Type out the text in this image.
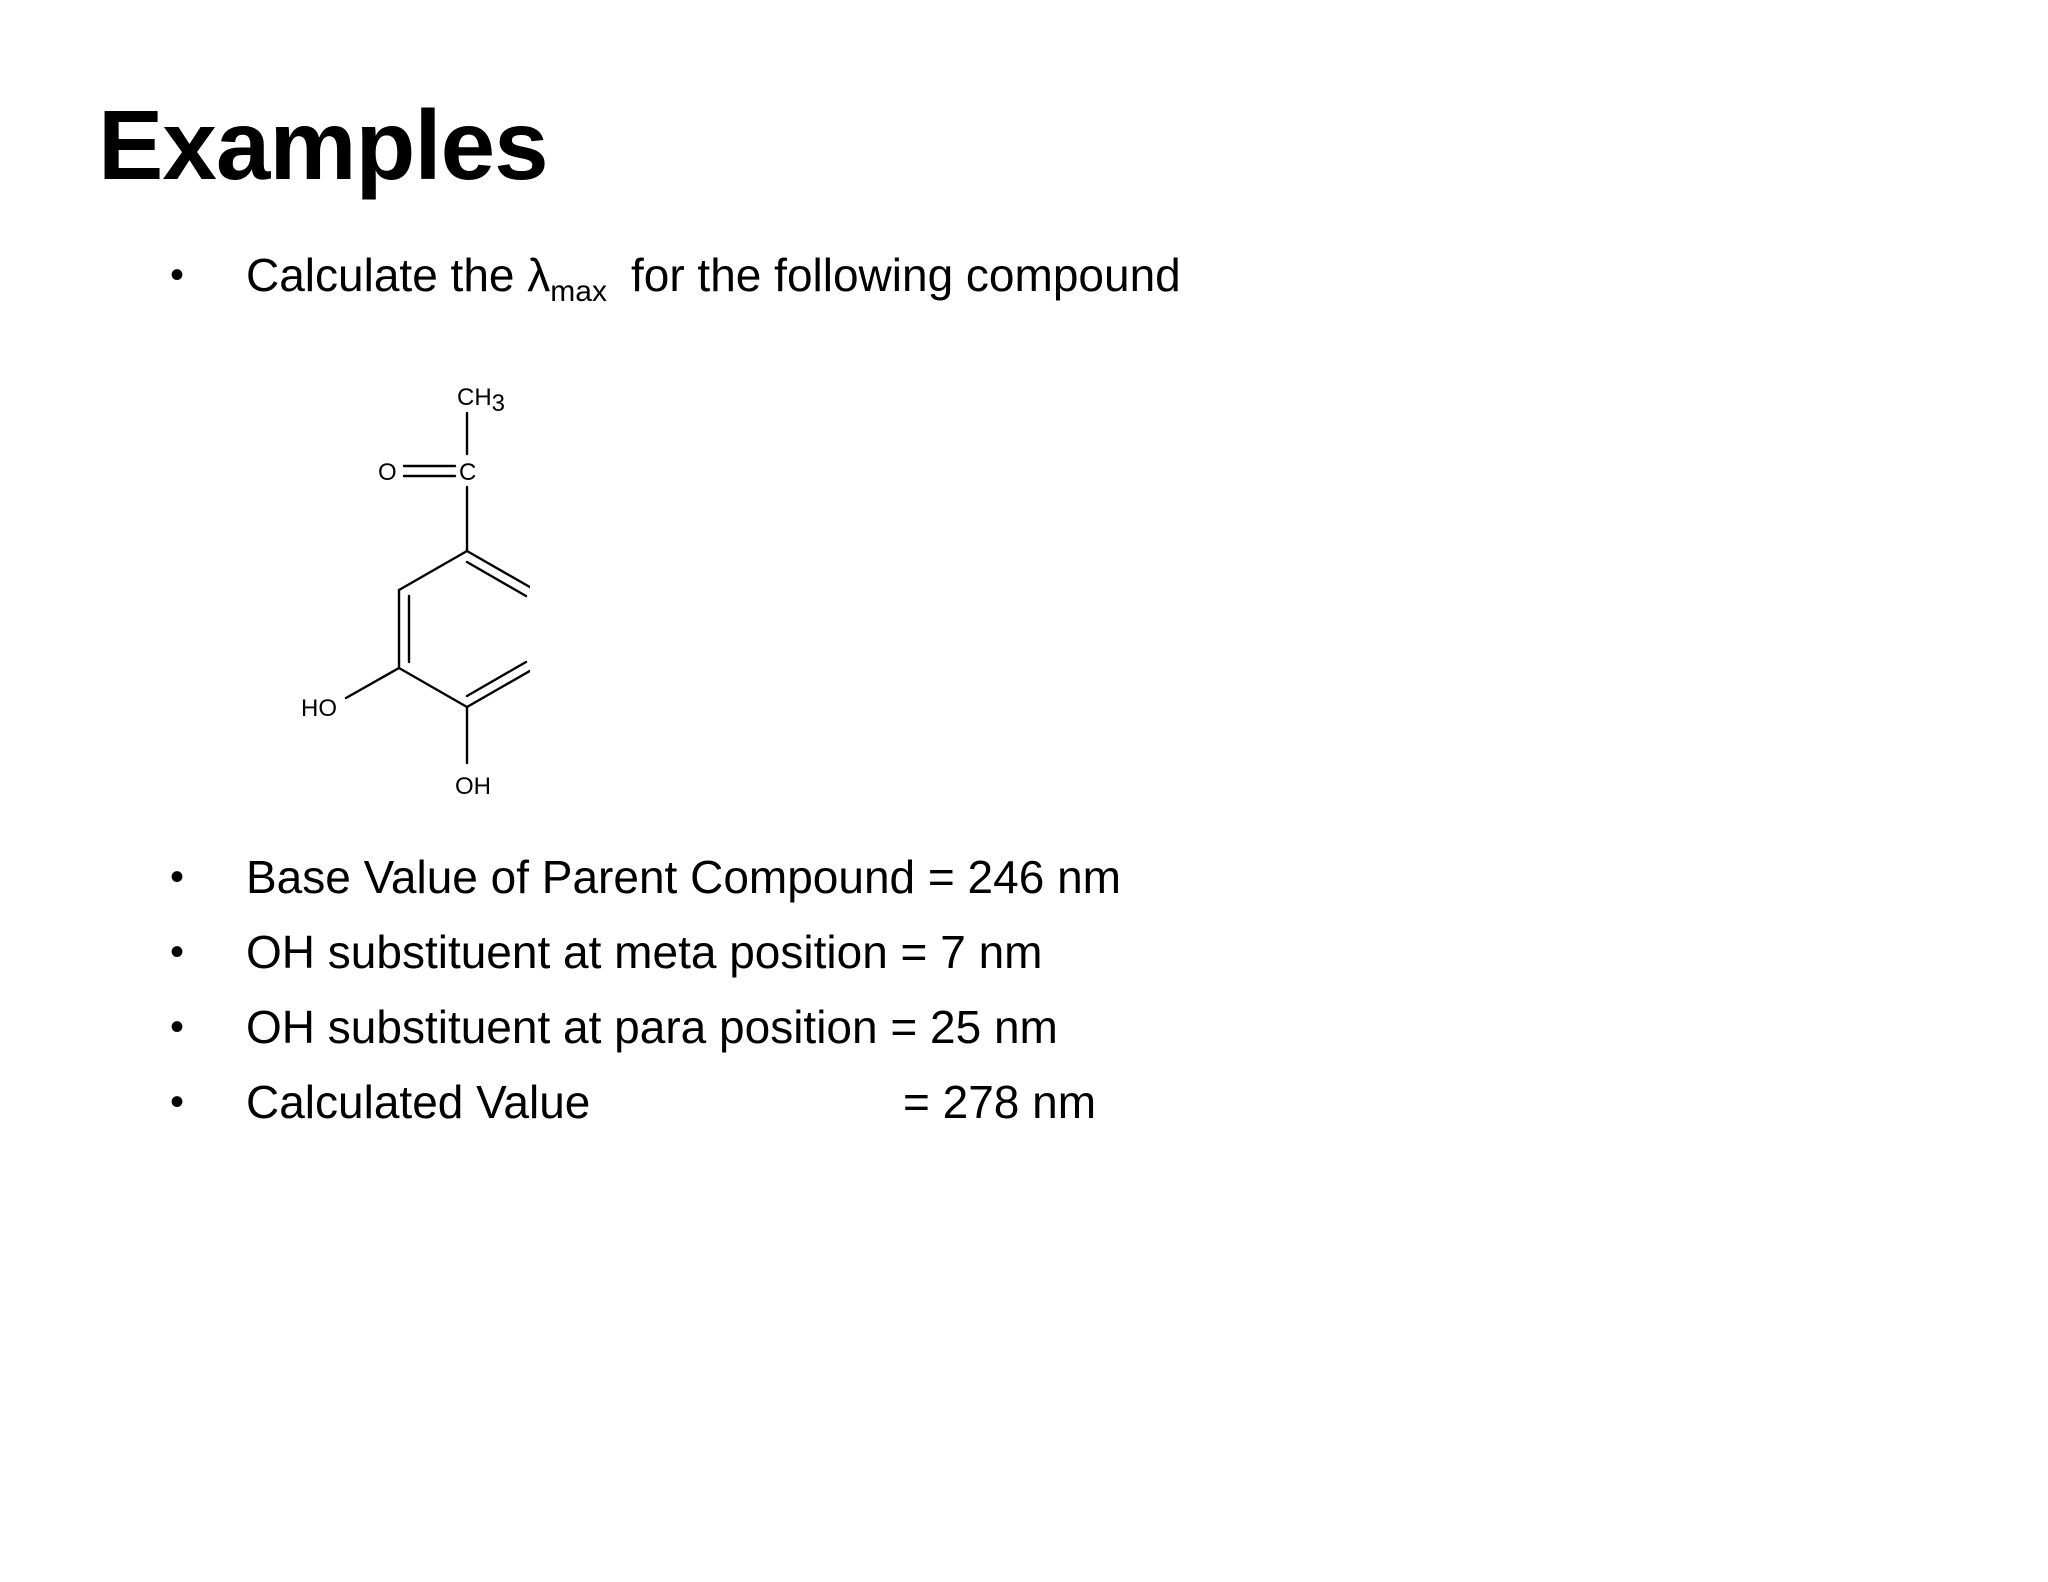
Examples
• Calculate the $\lambda_{max}$ for the following compound
CH3
O	C
HO
OH
• Base Value of Parent Compound = 246 nm
• OH substituent at meta position = 7 nm
• OH substituent at para position = 25 nm
• Calculated Value	= 278 nm
